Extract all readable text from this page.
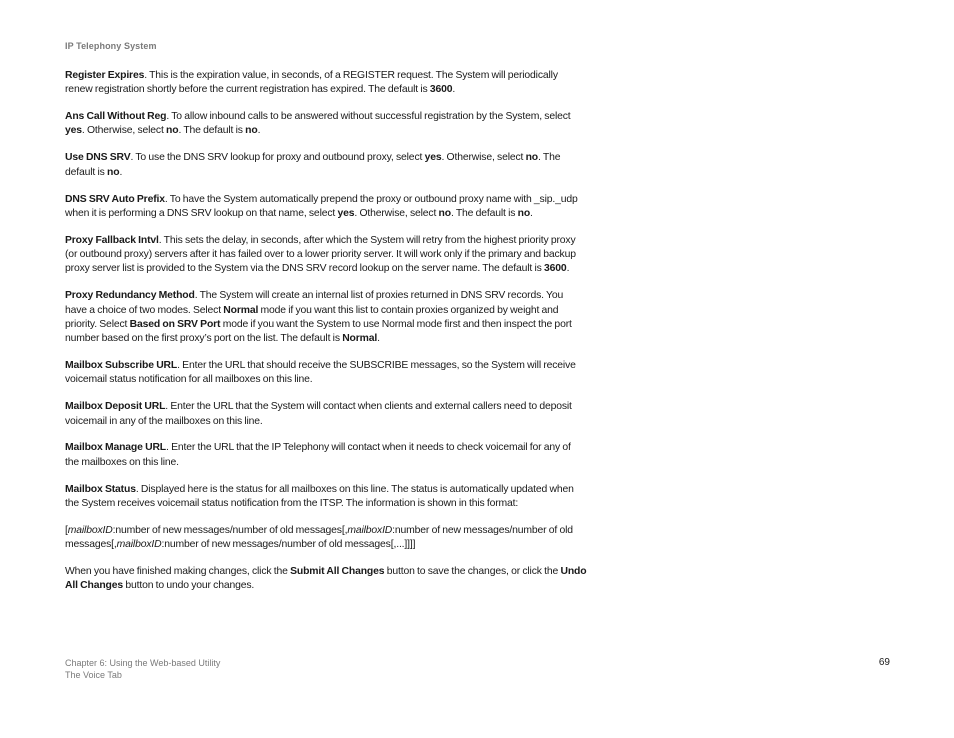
IP Telephony System

Register Expires. This is the expiration value, in seconds, of a REGISTER request. The System will periodically renew registration shortly before the current registration has expired. The default is 3600.

Ans Call Without Reg. To allow inbound calls to be answered without successful registration by the System, select yes. Otherwise, select no. The default is no.

Use DNS SRV. To use the DNS SRV lookup for proxy and outbound proxy, select yes. Otherwise, select no. The default is no.

DNS SRV Auto Prefix. To have the System automatically prepend the proxy or outbound proxy name with _sip._udp when it is performing a DNS SRV lookup on that name, select yes. Otherwise, select no. The default is no.

Proxy Fallback Intvl. This sets the delay, in seconds, after which the System will retry from the highest priority proxy (or outbound proxy) servers after it has failed over to a lower priority server. It will work only if the primary and backup proxy server list is provided to the System via the DNS SRV record lookup on the server name. The default is 3600.

Proxy Redundancy Method. The System will create an internal list of proxies returned in DNS SRV records. You have a choice of two modes. Select Normal mode if you want this list to contain proxies organized by weight and priority. Select Based on SRV Port mode if you want the System to use Normal mode first and then inspect the port number based on the first proxy’s port on the list. The default is Normal.

Mailbox Subscribe URL. Enter the URL that should receive the SUBSCRIBE messages, so the System will receive voicemail status notification for all mailboxes on this line.

Mailbox Deposit URL. Enter the URL that the System will contact when clients and external callers need to deposit voicemail in any of the mailboxes on this line.

Mailbox Manage URL. Enter the URL that the IP Telephony will contact when it needs to check voicemail for any of the mailboxes on this line.

Mailbox Status. Displayed here is the status for all mailboxes on this line. The status is automatically updated when the System receives voicemail status notification from the ITSP. The information is shown in this format:

[mailboxID:number of new messages/number of old messages[,mailboxID:number of new messages/number of old messages[,mailboxID:number of new messages/number of old messages[,...]]]]

When you have finished making changes, click the Submit All Changes button to save the changes, or click the Undo All Changes button to undo your changes.

Chapter 6: Using the Web-based Utility
The Voice Tab
69
